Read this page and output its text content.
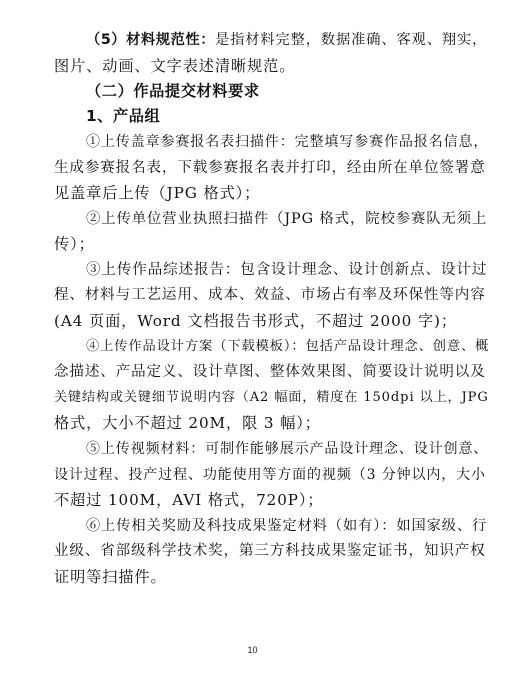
（5）材料规范性：是指材料完整，数据准确、客观、翔实，
图片、动画、文字表述清晰规范。
（二）作品提交材料要求
1、产品组
①上传盖章参赛报名表扫描件：完整填写参赛作品报名信息，
生成参赛报名表，下载参赛报名表并打印，经由所在单位签署意
见盖章后上传（JPG 格式）；
②上传单位营业执照扫描件（JPG 格式，院校参赛队无须上
传）；
③上传作品综述报告：包含设计理念、设计创新点、设计过
程、材料与工艺运用、成本、效益、市场占有率及环保性等内容
(A4 页面，Word 文档报告书形式，不超过 2000 字)；
④上传作品设计方案（下载模板）：包括产品设计理念、创意、概
念描述、产品定义、设计草图、整体效果图、简要设计说明以及
关键结构或关键细节说明内容（A2 幅面，精度在 150dpi 以上，JPG
格式，大小不超过 20M，限 3 幅）；
⑤上传视频材料：可制作能够展示产品设计理念、设计创意、
设计过程、投产过程、功能使用等方面的视频（3 分钟以内，大小
不超过 100M，AVI 格式，720P）；
⑥上传相关奖励及科技成果鉴定材料（如有）：如国家级、行
业级、省部级科学技术奖，第三方科技成果鉴定证书，知识产权
证明等扫描件。
10
